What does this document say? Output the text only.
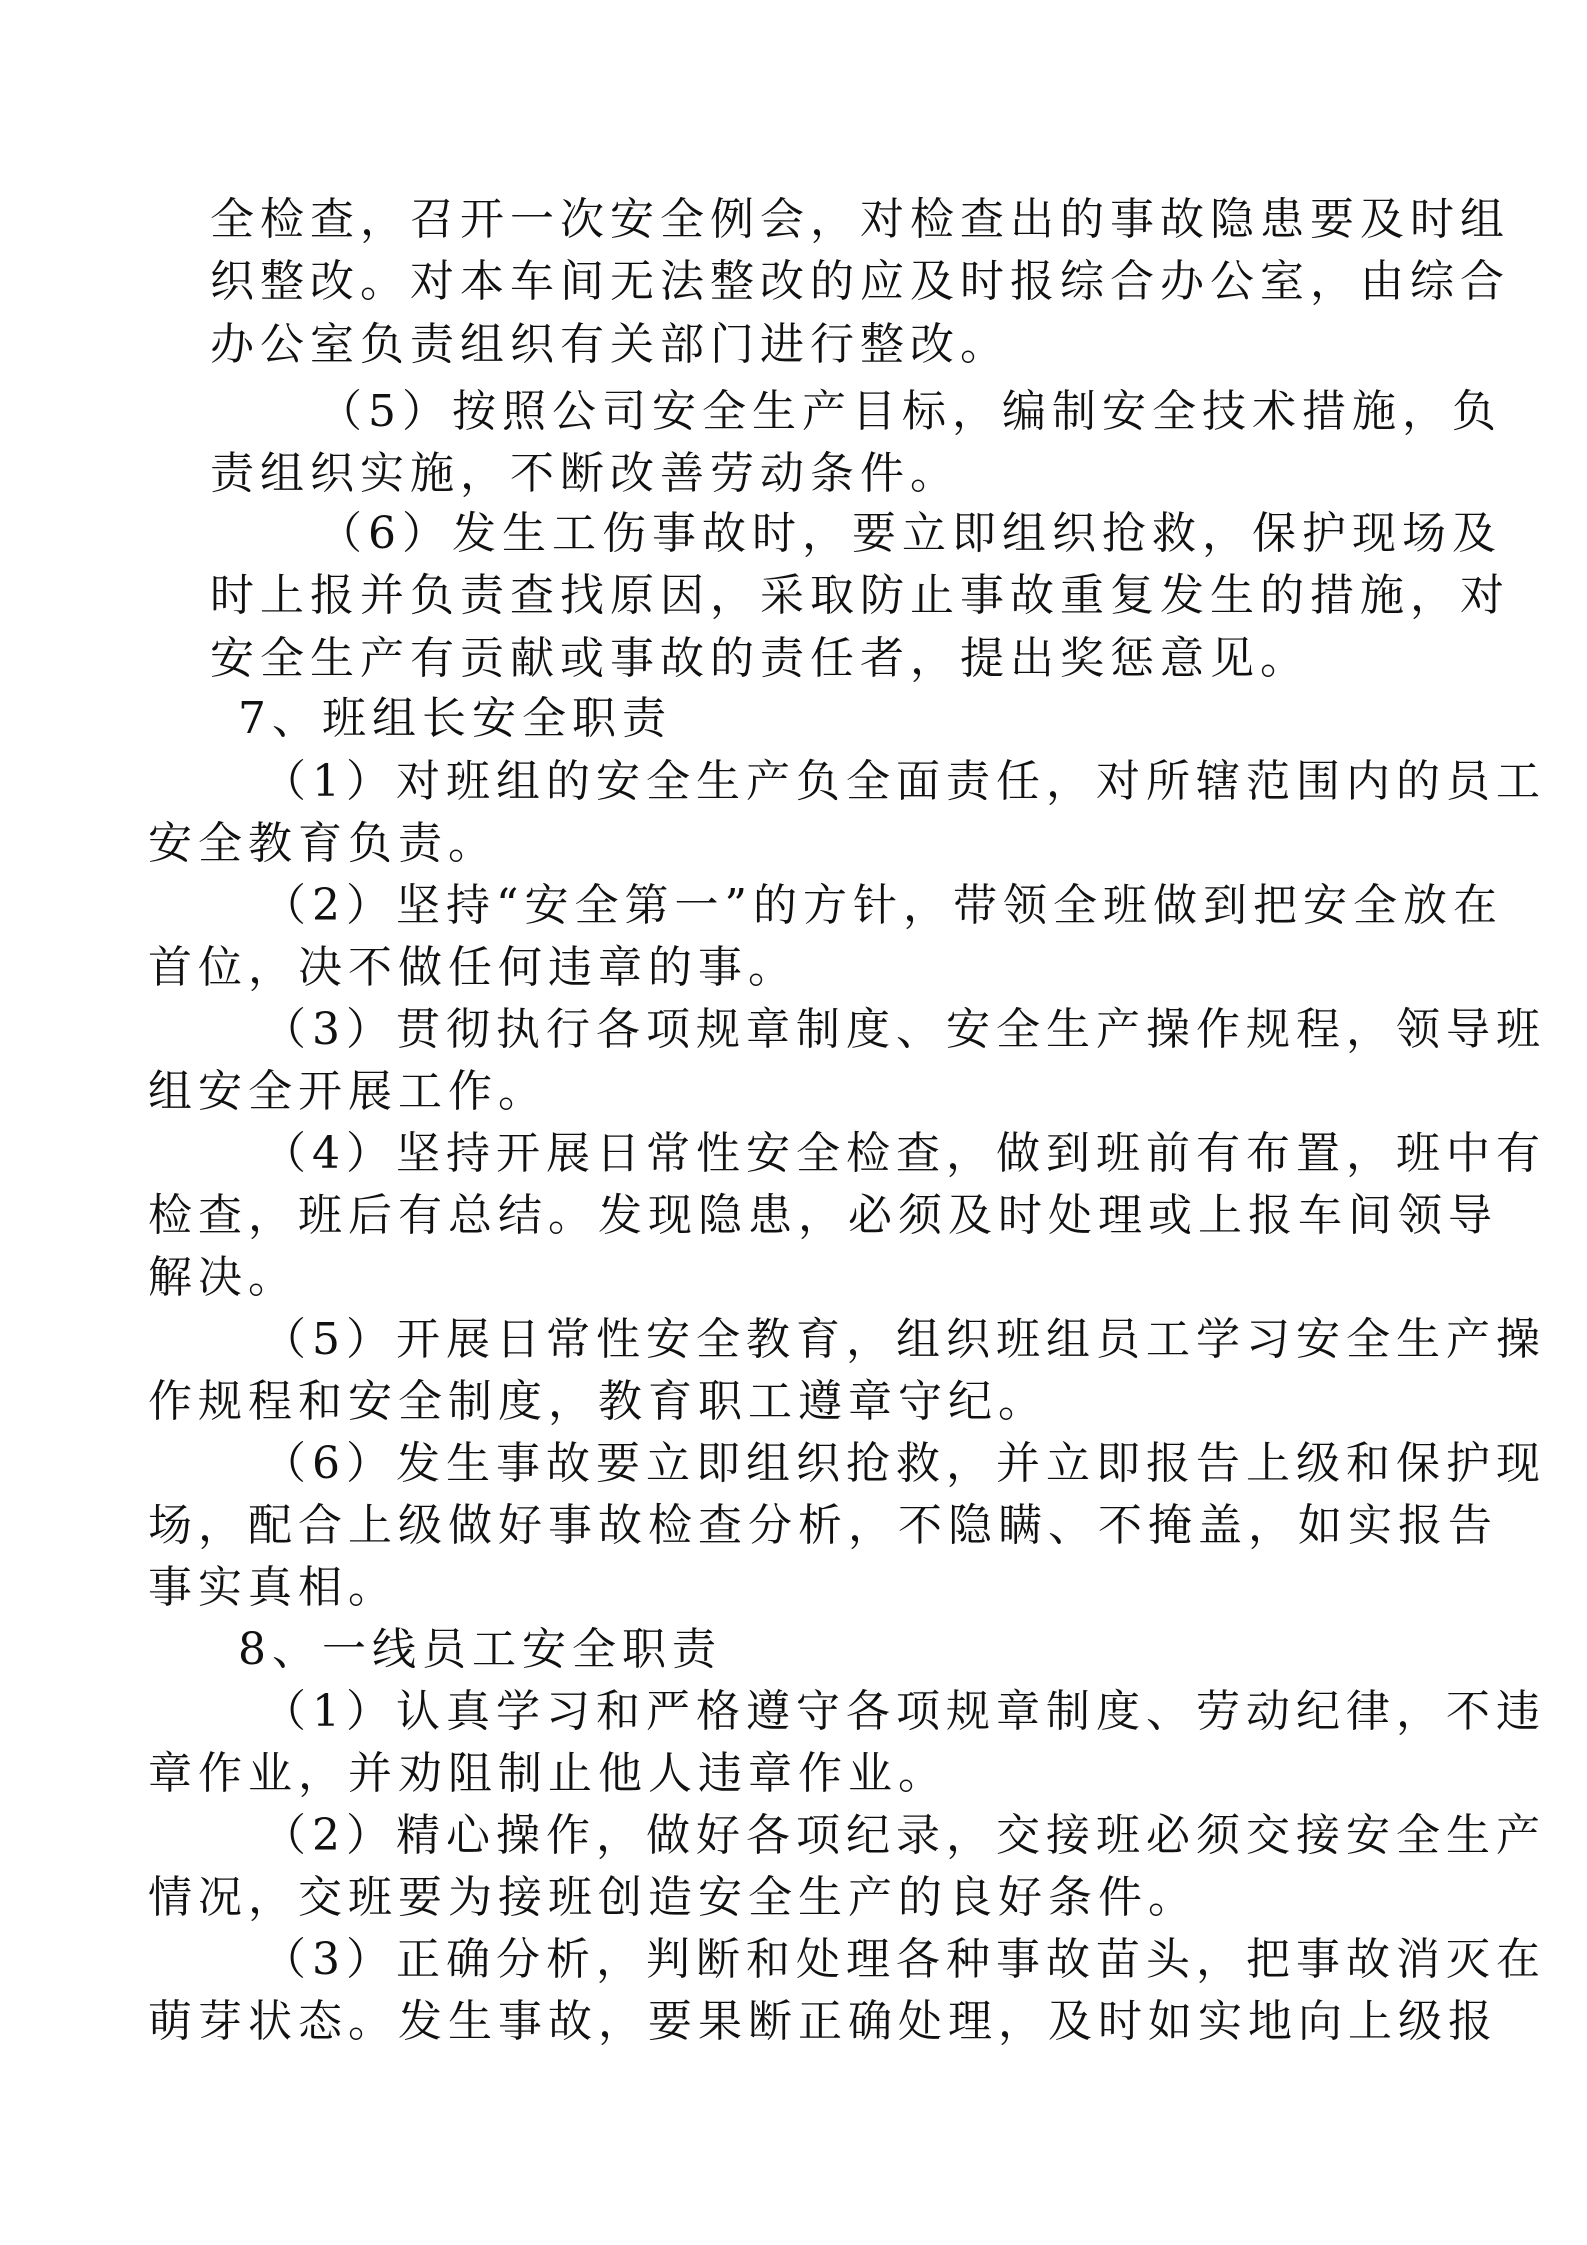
全检查，召开一次安全例会，对检查出的事故隐患要及时组
织整改。对本车间无法整改的应及时报综合办公室，由综合
办公室负责组织有关部门进行整改。
（5）按照公司安全生产目标，编制安全技术措施，负
责组织实施，不断改善劳动条件。
（6）发生工伤事故时，要立即组织抢救，保护现场及
时上报并负责查找原因，采取防止事故重复发生的措施，对
安全生产有贡献或事故的责任者，提出奖惩意见。
7、班组长安全职责
（1）对班组的安全生产负全面责任，对所辖范围内的员工
安全教育负责。
（2）坚持“安全第一”的方针，带领全班做到把安全放在
首位，决不做任何违章的事。
（3）贯彻执行各项规章制度、安全生产操作规程，领导班
组安全开展工作。
（4）坚持开展日常性安全检查，做到班前有布置，班中有
检查，班后有总结。发现隐患，必须及时处理或上报车间领导
解决。
（5）开展日常性安全教育，组织班组员工学习安全生产操
作规程和安全制度，教育职工遵章守纪。
（6）发生事故要立即组织抢救，并立即报告上级和保护现
场，配合上级做好事故检查分析，不隐瞒、不掩盖，如实报告
事实真相。
8、一线员工安全职责
（1）认真学习和严格遵守各项规章制度、劳动纪律，不违
章作业，并劝阻制止他人违章作业。
（2）精心操作，做好各项纪录，交接班必须交接安全生产
情况，交班要为接班创造安全生产的良好条件。
（3）正确分析，判断和处理各种事故苗头，把事故消灭在
萌芽状态。发生事故，要果断正确处理，及时如实地向上级报
